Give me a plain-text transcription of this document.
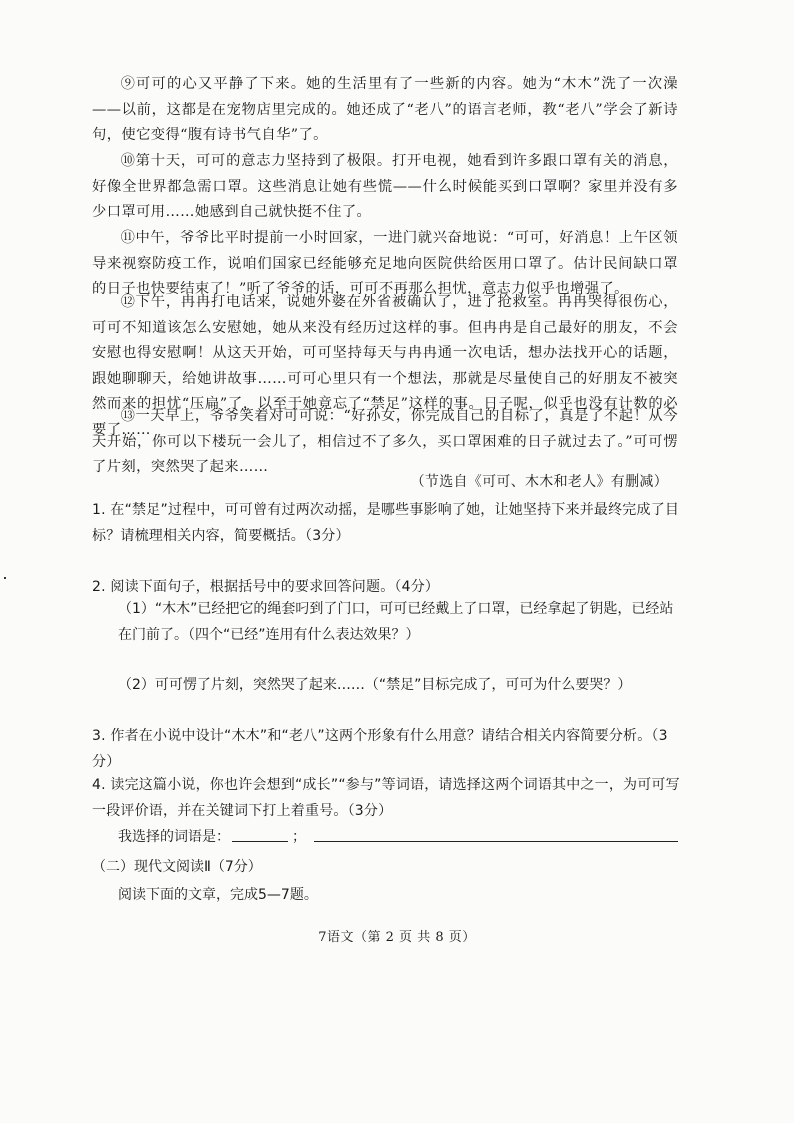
⑨可可的心又平静了下来。她的生活里有了一些新的内容。她为“木木”洗了一次澡——以前，这都是在宠物店里完成的。她还成了“老八”的语言老师，教“老八”学会了新诗句，使它变得“腹有诗书气自华”了。
⑩第十天，可可的意志力坚持到了极限。打开电视，她看到许多跟口罩有关的消息，好像全世界都急需口罩。这些消息让她有些慌——什么时候能买到口罩啊？家里并没有多少口罩可用……她感到自己就快挺不住了。
⑪中午，爷爷比平时提前一小时回家，一进门就兴奋地说：“可可，好消息！上午区领导来视察防疫工作，说咱们国家已经能够充足地向医院供给医用口罩了。估计民间缺口罩的日子也快要结束了！”听了爷爷的话，可可不再那么担忧，意志力似乎也增强了。
⑫下午，冉冉打电话来，说她外婆在外省被确认了，进了抢救室。冉冉哭得很伤心，可可不知道该怎么安慰她，她从来没有经历过这样的事。但冉冉是自己最好的朋友，不会安慰也得安慰啊！从这天开始，可可坚持每天与冉冉通一次电话，想办法找开心的话题，跟她聊聊天，给她讲故事……可可心里只有一个想法，那就是尽量使自己的好朋友不被突然而来的担忧“压扁”了，以至于她竟忘了“禁足”这样的事。日子呢，似乎也没有计数的必要了……
⑬一天早上，爷爷笑着对可可说：“好孙女，你完成自己的目标了，真是了不起！从今天开始，你可以下楼玩一会儿了，相信过不了多久，买口罩困难的日子就过去了。”可可愣了片刻，突然哭了起来……
（节选自《可可、木木和老人》有删减）
1. 在“禁足”过程中，可可曾有过两次动摇，是哪些事影响了她，让她坚持下来并最终完成了目标？请梳理相关内容，简要概括。（3分）
2. 阅读下面句子，根据括号中的要求回答问题。（4分）
（1）“木木”已经把它的绳套叼到了门口，可可已经戴上了口罩，已经拿起了钥匙，已经站在门前了。（四个“已经”连用有什么表达效果？）
（2）可可愣了片刻，突然哭了起来……（“禁足”目标完成了，可可为什么要哭？）
3. 作者在小说中设计“木木”和“老八”这两个形象有什么用意？请结合相关内容简要分析。（3分）
4. 读完这篇小说，你也许会想到“成长”“参与”等词语，请选择这两个词语其中之一，为可可写一段评价语，并在关键词下打上着重号。（3分）
我选择的词语是：	；
（二）现代文阅读Ⅱ（7分）
阅读下面的文章，完成5—7题。
7语文（第 2 页 共 8 页）
